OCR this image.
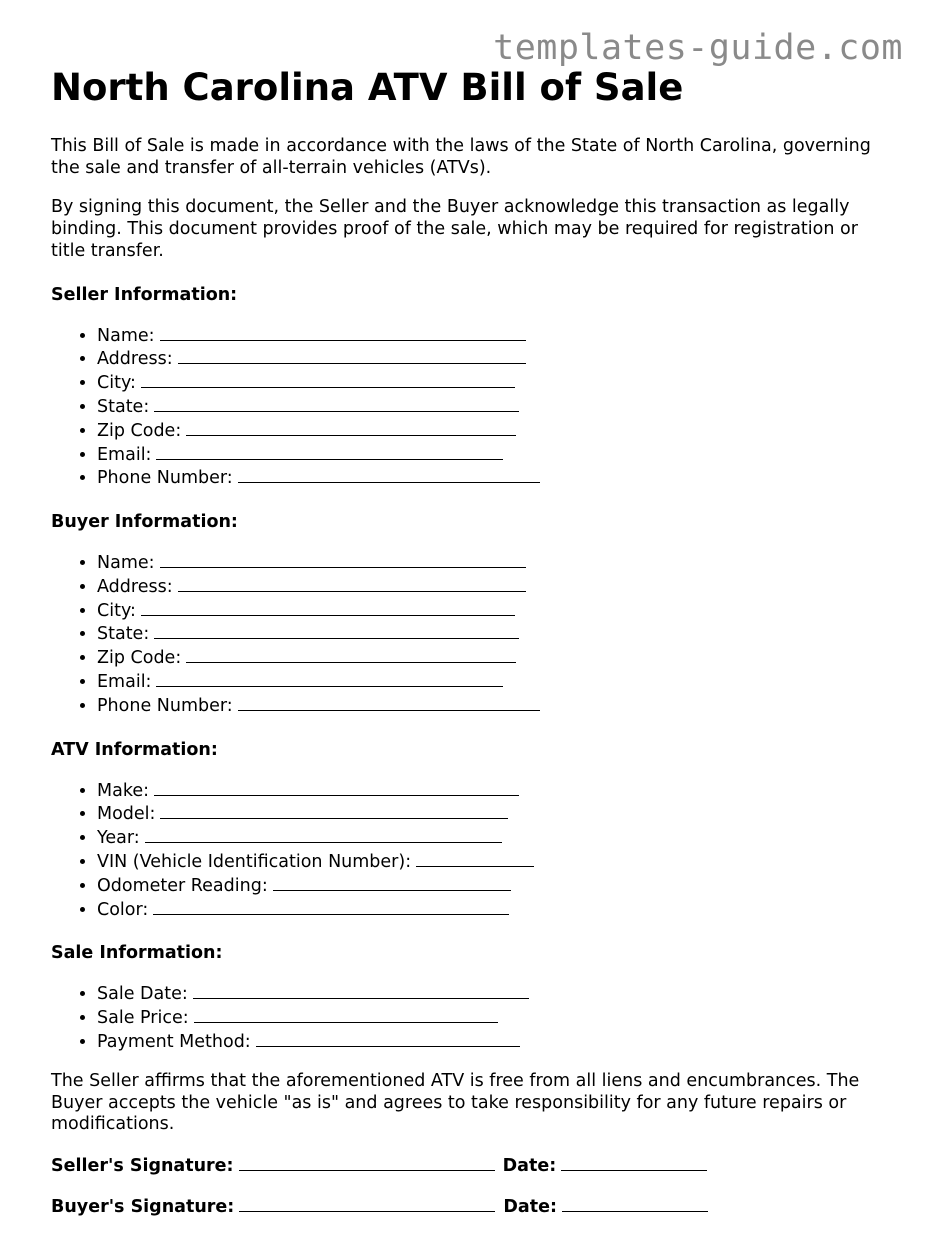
templates-guide.com
North Carolina ATV Bill of Sale

This Bill of Sale is made in accordance with the laws of the State of North Carolina, governing the sale and transfer of all-terrain vehicles (ATVs).

By signing this document, the Seller and the Buyer acknowledge this transaction as legally binding. This document provides proof of the sale, which may be required for registration or title transfer.

Seller Information:
• Name:
• Address:
• City:
• State:
• Zip Code:
• Email:
• Phone Number:
Buyer Information:
• Name:
• Address:
• City:
• State:
• Zip Code:
• Email:
• Phone Number:
ATV Information:
• Make:
• Model:
• Year:
• VIN (Vehicle Identification Number):
• Odometer Reading:
• Color:
Sale Information:
• Sale Date:
• Sale Price:
• Payment Method:

The Seller affirms that the aforementioned ATV is free from all liens and encumbrances. The Buyer accepts the vehicle "as is" and agrees to take responsibility for any future repairs or modifications.

Seller's Signature:	Date:
Buyer's Signature:	Date:
